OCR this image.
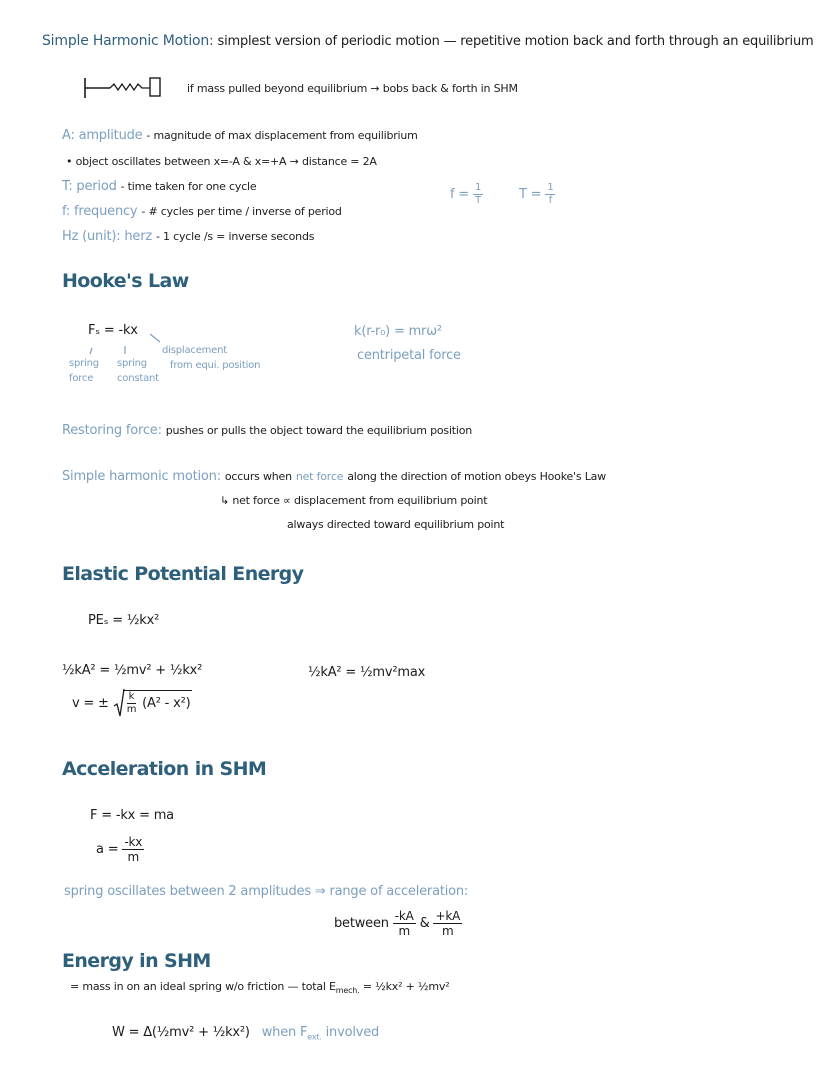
Simple Harmonic Motion: simplest version of periodic motion — repetitive motion back and forth through an equilibrium
if mass pulled beyond equilibrium → bobs back & forth in SHM
A: amplitude - magnitude of max displacement from equilibrium
• object oscillates between x=-A & x=+A → distance = 2A
T: period - time taken for one cycle
f: frequency - # cycles per time / inverse of period
Hz (unit): herz - 1 cycle /s = inverse seconds
$f = \frac{1}{T}$	$T = \frac{1}{f}$
Hooke's Law
Fₛ = -kx
spring
force
spring
constant
displacement
from equi. position
k(r-r₀) = mrω²
centripetal force
Restoring force: pushes or pulls the object toward the equilibrium position
Simple harmonic motion: occurs when net force along the direction of motion obeys Hooke's Law
↳ net force ∝ displacement from equilibrium point
always directed toward equilibrium point
Elastic Potential Energy
PEₛ = ½kx²
½kA² = ½mv² + ½kx²	½kA² = ½mv²max
v = ± $\frac{k}{m} (A^2 - x^2)$
Acceleration in SHM
F = -kx = ma
$a = \frac{-kx}{m}$
spring oscillates between 2 amplitudes ⇒ range of acceleration:
between $\frac{-kA}{m}$ & $\frac{+kA}{m}$
Energy in SHM
= mass in on an ideal spring w/o friction — total $E_{mech.}$ = ½kx² + ½mv²
W = Δ(½mv² + ½kx²) when $F_{ext.}$ involved
